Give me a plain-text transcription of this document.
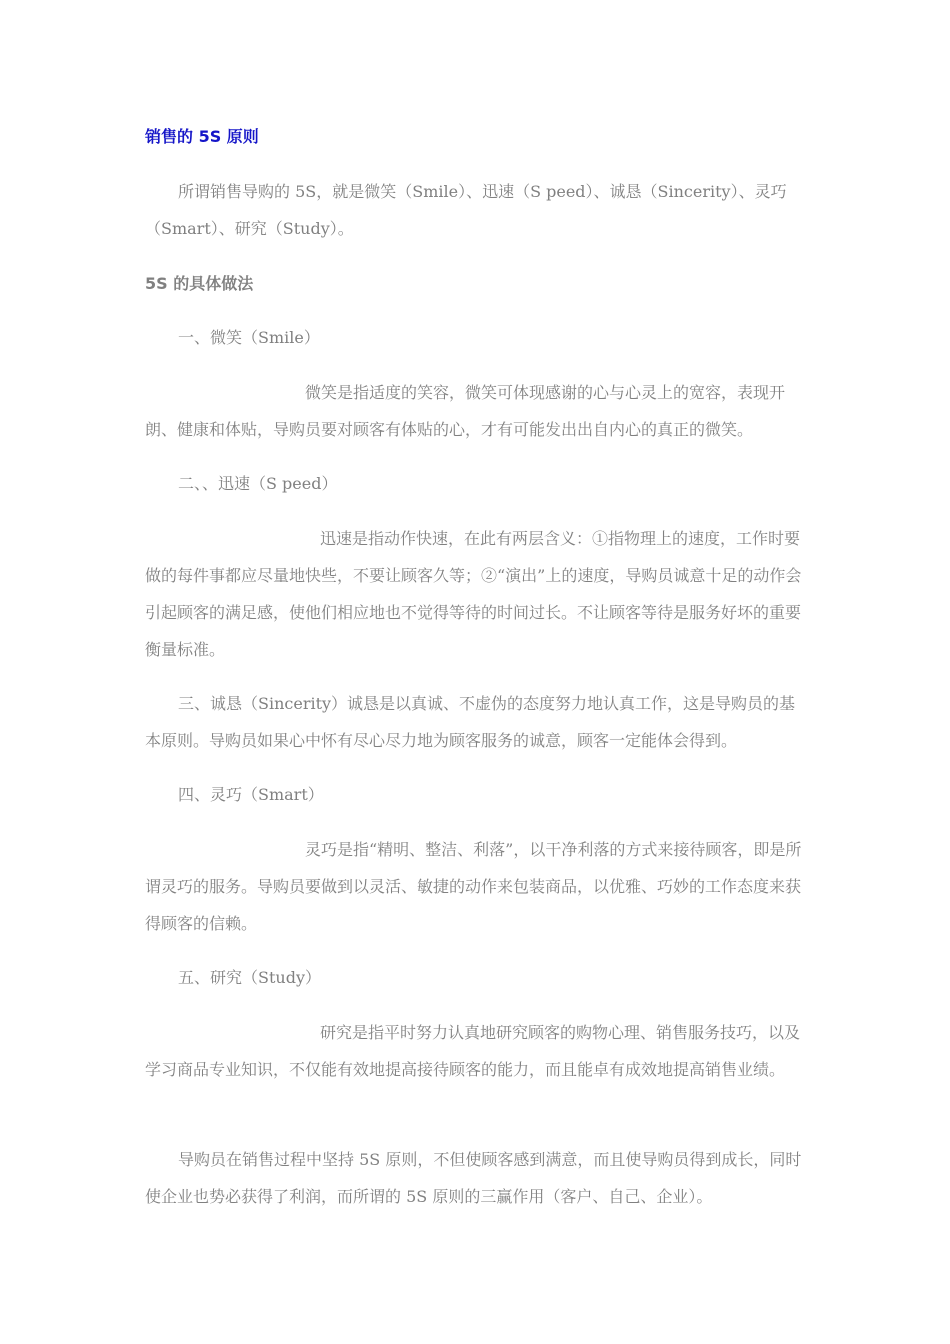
销售的 5S 原则

所谓销售导购的 5S，就是微笑（Smile）、迅速（S peed）、诚恳（Sincerity）、灵巧（Smart）、研究（Study）。

5S 的具体做法

一、微笑（Smile）

微笑是指适度的笑容，微笑可体现感谢的心与心灵上的宽容，表现开朗、健康和体贴，导购员要对顾客有体贴的心，才有可能发出出自内心的真正的微笑。

二、、迅速（S peed）

迅速是指动作快速，在此有两层含义：①指物理上的速度，工作时要做的每件事都应尽量地快些，不要让顾客久等；②“演出”上的速度，导购员诚意十足的动作会引起顾客的满足感，使他们相应地也不觉得等待的时间过长。不让顾客等待是服务好坏的重要衡量标准。

三、诚恳（Sincerity）诚恳是以真诚、不虚伪的态度努力地认真工作，这是导购员的基本原则。导购员如果心中怀有尽心尽力地为顾客服务的诚意，顾客一定能体会得到。

四、灵巧（Smart）

灵巧是指“精明、整洁、利落”，以干净利落的方式来接待顾客，即是所谓灵巧的服务。导购员要做到以灵活、敏捷的动作来包装商品，以优雅、巧妙的工作态度来获得顾客的信赖。

五、研究（Study）

研究是指平时努力认真地研究顾客的购物心理、销售服务技巧，以及学习商品专业知识，不仅能有效地提高接待顾客的能力，而且能卓有成效地提高销售业绩。

导购员在销售过程中坚持 5S 原则，不但使顾客感到满意，而且使导购员得到成长，同时使企业也势必获得了利润，而所谓的 5S 原则的三赢作用（客户、自己、企业）。
